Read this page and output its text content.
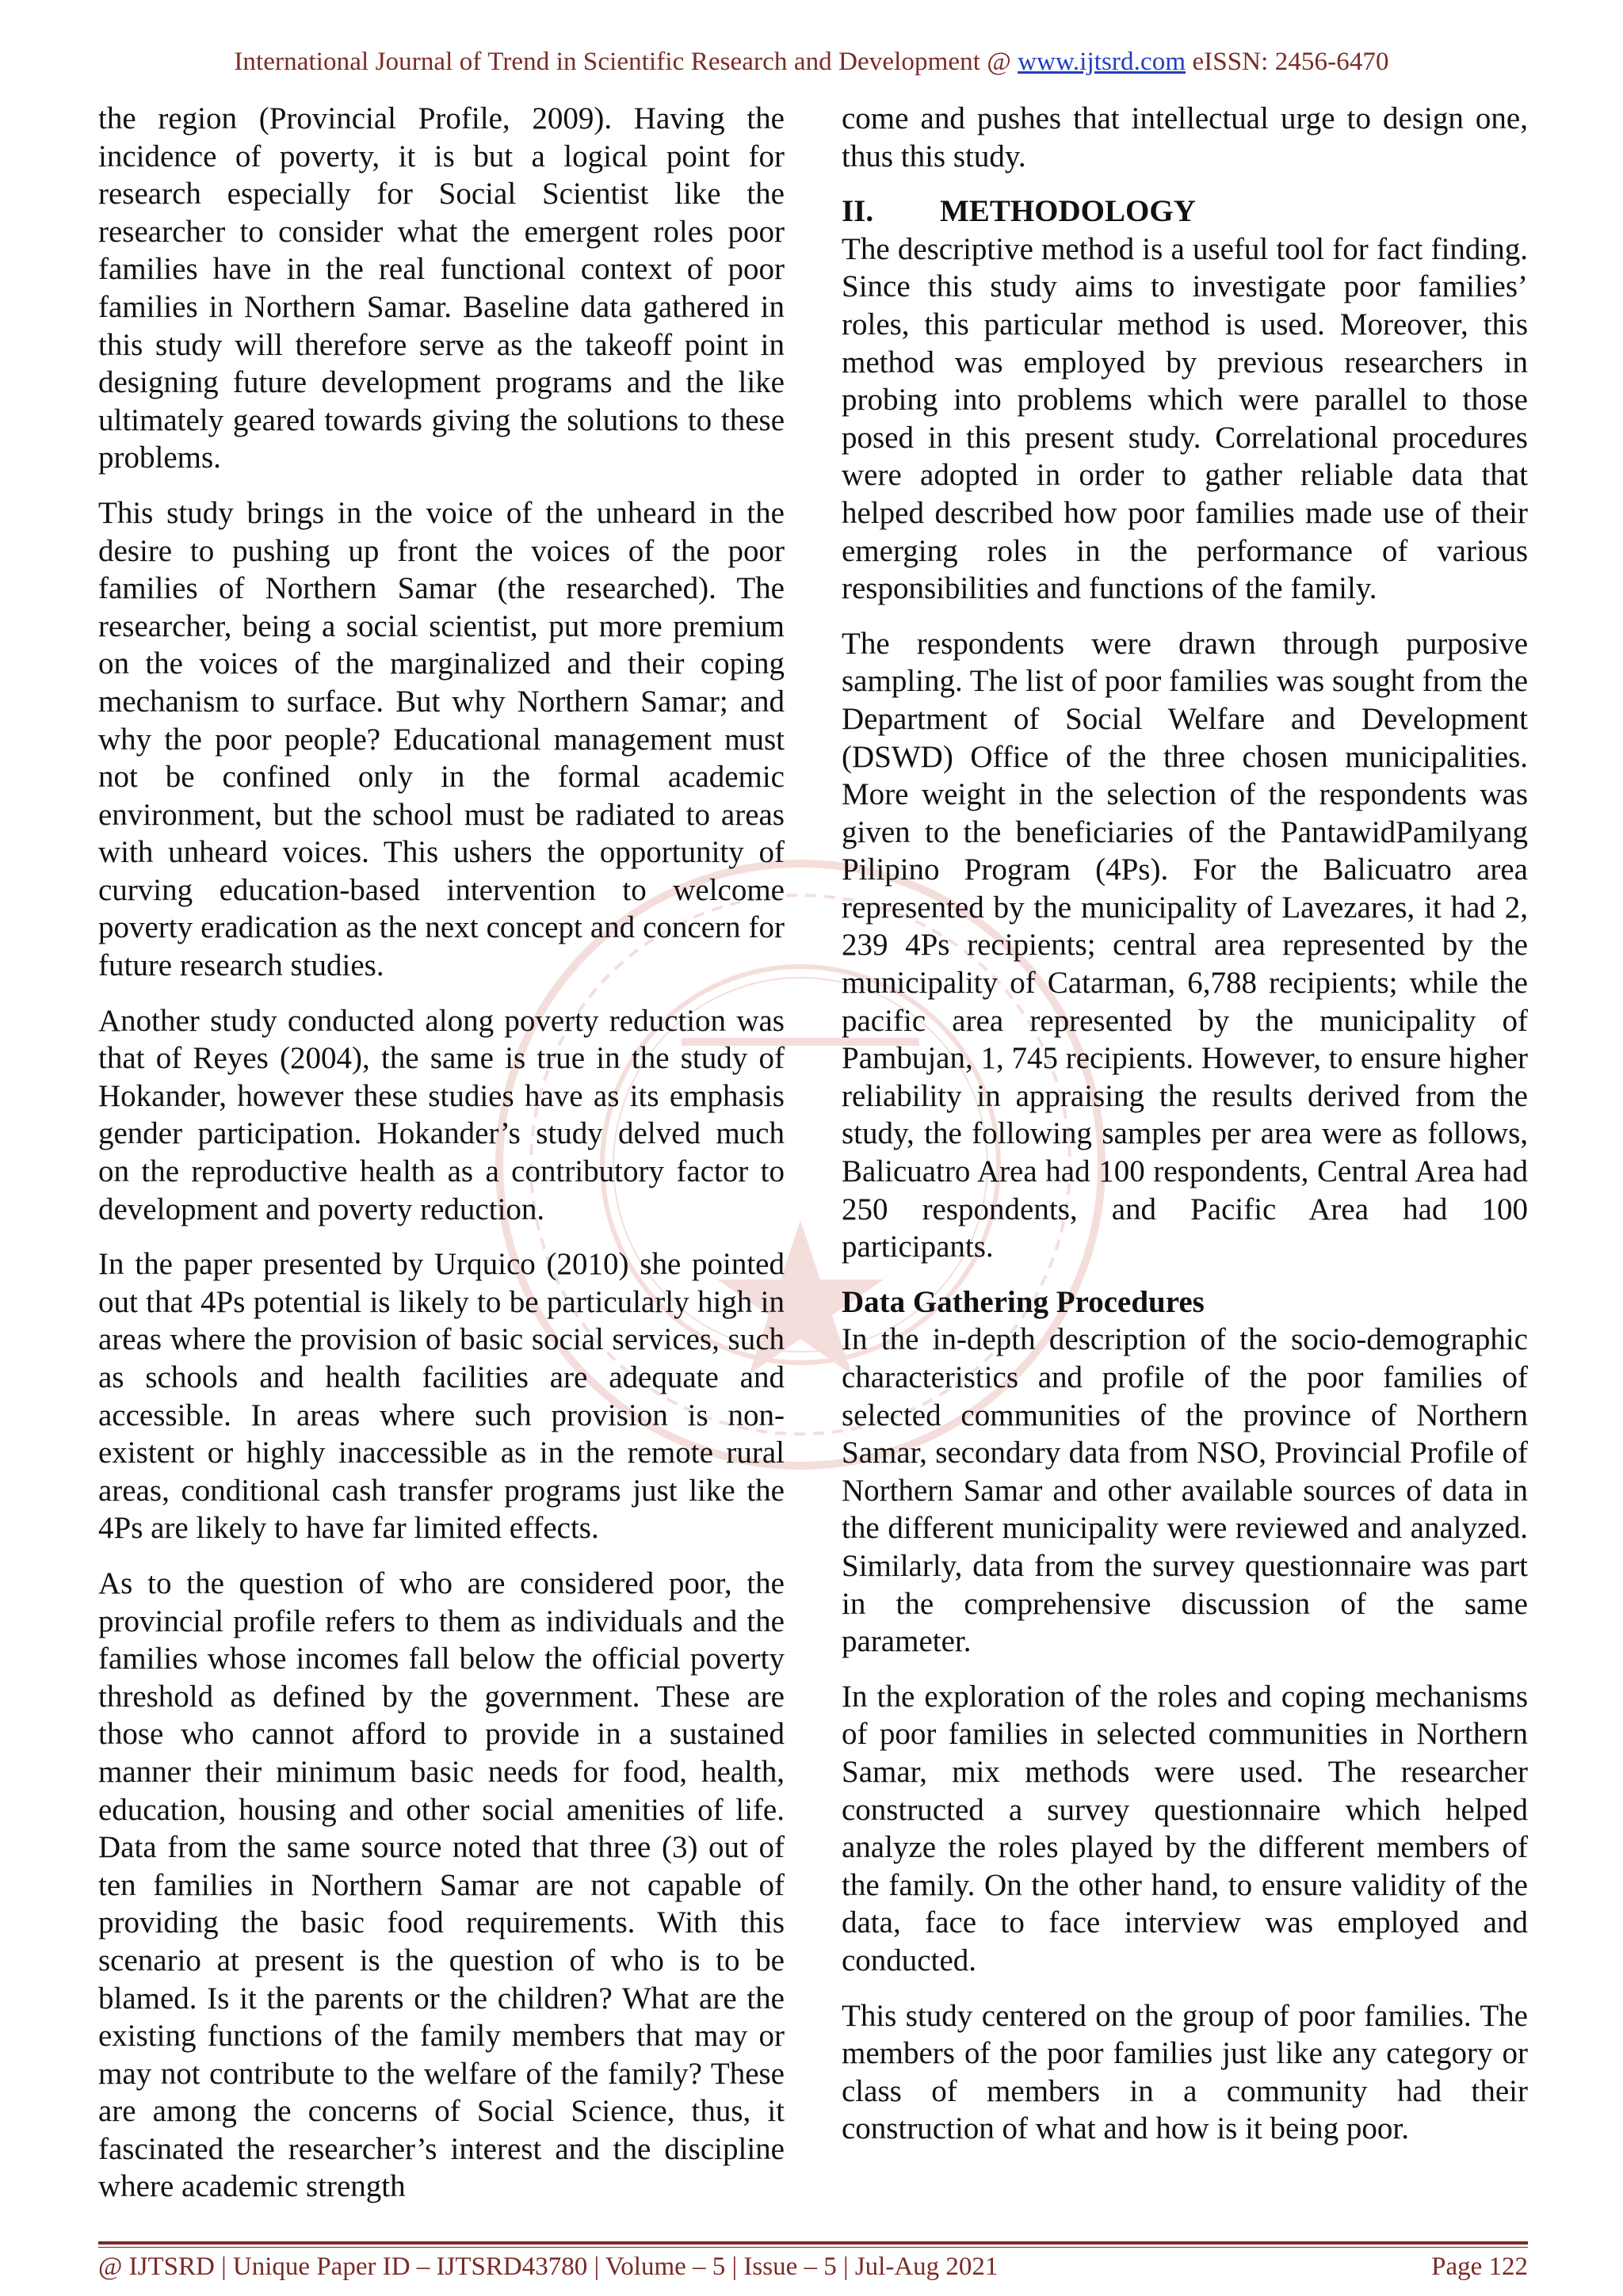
International Journal of Trend in Scientific Research and Development @ www.ijtsrd.com eISSN: 2456-6470

the region (Provincial Profile, 2009). Having the incidence of poverty, it is but a logical point for research especially for Social Scientist like the researcher to consider what the emergent roles poor families have in the real functional context of poor families in Northern Samar. Baseline data gathered in this study will therefore serve as the takeoff point in designing future development programs and the like ultimately geared towards giving the solutions to these problems.

This study brings in the voice of the unheard in the desire to pushing up front the voices of the poor families of Northern Samar (the researched). The researcher, being a social scientist, put more premium on the voices of the marginalized and their coping mechanism to surface. But why Northern Samar; and why the poor people? Educational management must not be confined only in the formal academic environment, but the school must be radiated to areas with unheard voices. This ushers the opportunity of curving education-based intervention to welcome poverty eradication as the next concept and concern for future research studies.

Another study conducted along poverty reduction was that of Reyes (2004), the same is true in the study of Hokander, however these studies have as its emphasis gender participation. Hokander’s study delved much on the reproductive health as a contributory factor to development and poverty reduction.

In the paper presented by Urquico (2010) she pointed out that 4Ps potential is likely to be particularly high in areas where the provision of basic social services, such as schools and health facilities are adequate and accessible. In areas where such provision is non-existent or highly inaccessible as in the remote rural areas, conditional cash transfer programs just like the 4Ps are likely to have far limited effects.

As to the question of who are considered poor, the provincial profile refers to them as individuals and the families whose incomes fall below the official poverty threshold as defined by the government. These are those who cannot afford to provide in a sustained manner their minimum basic needs for food, health, education, housing and other social amenities of life. Data from the same source noted that three (3) out of ten families in Northern Samar are not capable of providing the basic food requirements. With this scenario at present is the question of who is to be blamed. Is it the parents or the children? What are the existing functions of the family members that may or may not contribute to the welfare of the family? These are among the concerns of Social Science, thus, it fascinated the researcher’s interest and the discipline where academic strength

come and pushes that intellectual urge to design one, thus this study.

II.	METHODOLOGY

The descriptive method is a useful tool for fact finding. Since this study aims to investigate poor families’ roles, this particular method is used. Moreover, this method was employed by previous researchers in probing into problems which were parallel to those posed in this present study. Correlational procedures were adopted in order to gather reliable data that helped described how poor families made use of their emerging roles in the performance of various responsibilities and functions of the family.

The respondents were drawn through purposive sampling. The list of poor families was sought from the Department of Social Welfare and Development (DSWD) Office of the three chosen municipalities. More weight in the selection of the respondents was given to the beneficiaries of the PantawidPamilyang Pilipino Program (4Ps). For the Balicuatro area represented by the municipality of Lavezares, it had 2, 239 4Ps recipients; central area represented by the municipality of Catarman, 6,788 recipients; while the pacific area represented by the municipality of Pambujan, 1, 745 recipients. However, to ensure higher reliability in appraising the results derived from the study, the following samples per area were as follows, Balicuatro Area had 100 respondents, Central Area had 250 respondents, and Pacific Area had 100 participants.

Data Gathering Procedures

In the in-depth description of the socio-demographic characteristics and profile of the poor families of selected communities of the province of Northern Samar, secondary data from NSO, Provincial Profile of Northern Samar and other available sources of data in the different municipality were reviewed and analyzed. Similarly, data from the survey questionnaire was part in the comprehensive discussion of the same parameter.

In the exploration of the roles and coping mechanisms of poor families in selected communities in Northern Samar, mix methods were used. The researcher constructed a survey questionnaire which helped analyze the roles played by the different members of the family. On the other hand, to ensure validity of the data, face to face interview was employed and conducted.

This study centered on the group of poor families. The members of the poor families just like any category or class of members in a community had their construction of what and how is it being poor.

@ IJTSRD | Unique Paper ID – IJTSRD43780 | Volume – 5 | Issue – 5 | Jul-Aug 2021	Page 122
